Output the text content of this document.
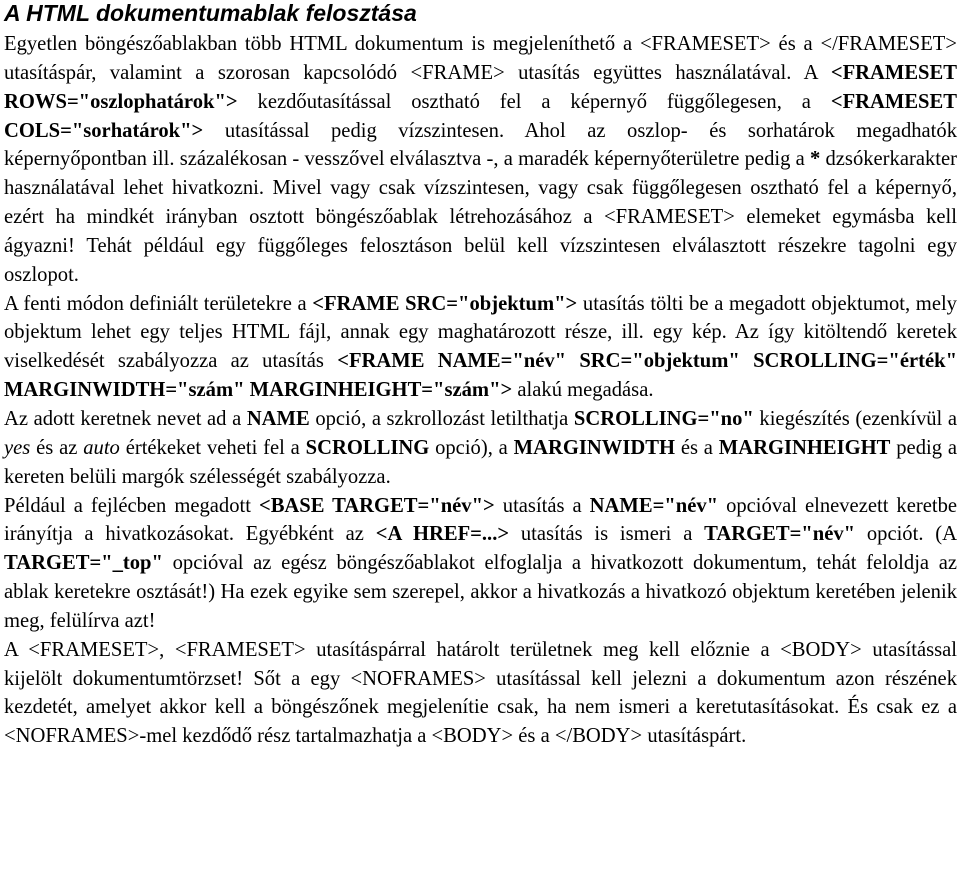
A HTML dokumentumablak felosztása

Egyetlen böngészőablakban több HTML dokumentum is megjeleníthető a <FRAMESET> és a </FRAMESET> utasításpár, valamint a szorosan kapcsolódó <FRAME> utasítás együttes használatával. A <FRAMESET ROWS="oszlophatárok"> kezdőutasítással osztható fel a képernyő függőlegesen, a <FRAMESET COLS="sorhatárok"> utasítással pedig vízszintesen. Ahol az oszlop- és sorhatárok megadhatók képernyőpontban ill. százalékosan - vesszővel elválasztva -, a maradék képernyőterületre pedig a * dzsókerkarakter használatával lehet hivatkozni. Mivel vagy csak vízszintesen, vagy csak függőlegesen osztható fel a képernyő, ezért ha mindkét irányban osztott böngészőablak létrehozásához a <FRAMESET> elemeket egymásba kell ágyazni! Tehát például egy függőleges felosztáson belül kell vízszintesen elválasztott részekre tagolni egy oszlopot.

A fenti módon definiált területekre a <FRAME SRC="objektum"> utasítás tölti be a megadott objektumot, mely objektum lehet egy teljes HTML fájl, annak egy maghatározott része, ill. egy kép. Az így kitöltendő keretek viselkedését szabályozza az utasítás <FRAME NAME="név" SRC="objektum" SCROLLING="érték" MARGINWIDTH="szám" MARGINHEIGHT="szám"> alakú megadása.

Az adott keretnek nevet ad a NAME opció, a szkrollozást letilthatja SCROLLING="no" kiegészítés (ezenkívül a yes és az auto értékeket veheti fel a SCROLLING opció), a MARGINWIDTH és a MARGINHEIGHT pedig a kereten belüli margók szélességét szabályozza.

Például a fejlécben megadott <BASE TARGET="név"> utasítás a NAME="név" opcióval elnevezett keretbe irányítja a hivatkozásokat. Egyébként az <A HREF=...> utasítás is ismeri a TARGET="név" opciót. (A TARGET="_top" opcióval az egész böngészőablakot elfoglalja a hivatkozott dokumentum, tehát feloldja az ablak keretekre osztását!) Ha ezek egyike sem szerepel, akkor a hivatkozás a hivatkozó objektum keretében jelenik meg, felülírva azt!

A <FRAMESET>, <FRAMESET> utasításpárral határolt területnek meg kell előznie a <BODY> utasítással kijelölt dokumentumtörzset! Sőt a egy <NOFRAMES> utasítással kell jelezni a dokumentum azon részének kezdetét, amelyet akkor kell a böngészőnek megjelenítie csak, ha nem ismeri a keretutasításokat. És csak ez a <NOFRAMES>-mel kezdődő rész tartalmazhatja a <BODY> és a </BODY> utasításpárt.
